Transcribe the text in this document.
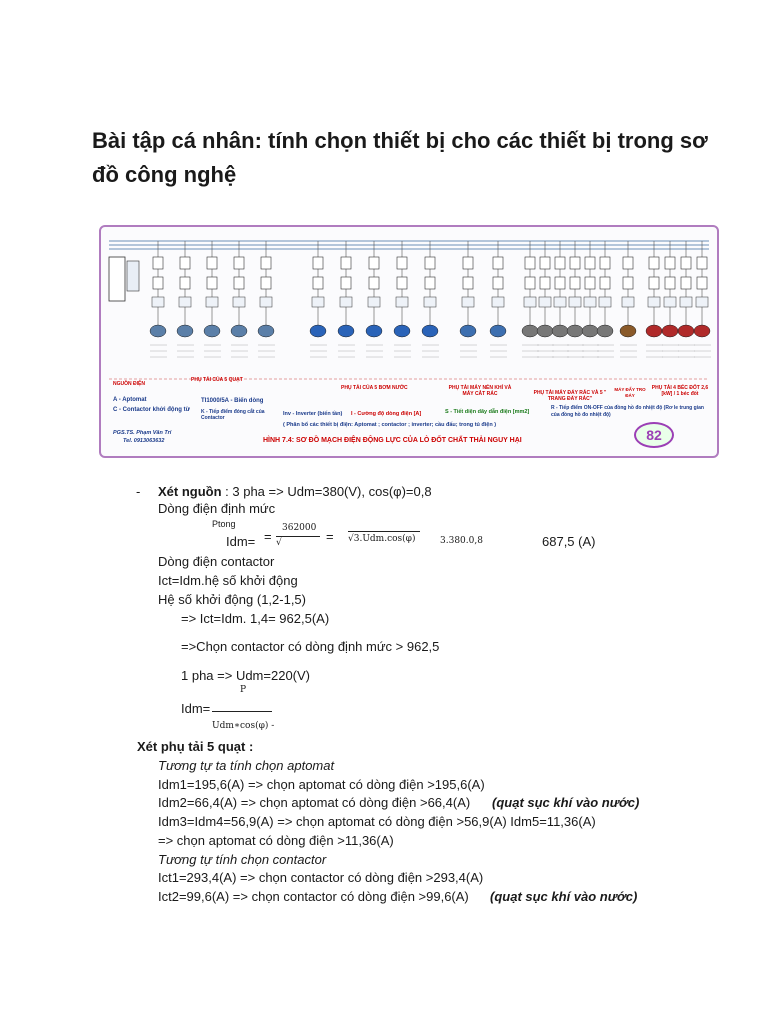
Bài tập cá nhân: tính chọn thiết bị cho các thiết bị trong sơ đồ công nghệ
NGUỒN ĐIỆN
PHỤ TẢI CỦA 5 QUẠT
PHỤ TẢI CỦA 5 BƠM NƯỚC	PHỤ TẢI MÁY NÉN KHÍ VÀ MÁY CẮT RÁC	PHỤ TẢI MÁY ĐẨY RÁC VÀ 5 " TRANG ĐẨY RÁC"
MÁY ĐẨY TRO ĐÁY
PHỤ TẢI 4 BÉC ĐỐT 2,6 [kW] / 1 béc đốt
A - Aptomat
C - Contactor khởi động từ K - Tiếp điểm đóng cắt của Contactor
TI1000/5A - Biến dòng
Inv - Inverter (biến tần) I - Cường độ dòng điện [A]	S - Tiết diện dây dẫn điện [mm2]
R - Tiếp điểm ON-OFF của đồng hồ đo nhiệt độ (Rơ le trung gian của đồng hồ đo nhiệt độ)
( Phân bổ các thiết bị điện: Aptomat ; contactor ; inverter; cầu đấu; trong tủ điện )
PGS.TS. Phạm Văn Trí
Tel. 0913063632	HÌNH 7.4: SƠ ĐỒ MẠCH ĐIỆN ĐỘNG LỰC CỦA LÒ ĐỐT CHẤT THẢI NGUY HẠI	82

- Xét nguồn : 3 pha => Udm=380(V), cos(φ)=0,8

Dòng điện định mức

Ptong

Idm= =

362000

√	= √3.Udm.cos(φ)	3.380.0,8	687,5 (A)

Dòng điện contactor

Ict=Idm.hệ số khởi động

Hệ số khởi động (1,2-1,5)

=> Ict=Idm. 1,4= 962,5(A)

=>Chọn contactor có dòng định mức > 962,5

1 pha => Udm=220(V)

P

Idm=

Udm∗cos(φ) -

Xét phụ tải 5 quạt :

Tương tự ta tính chọn aptomat

Idm1=195,6(A) => chọn aptomat có dòng điện >195,6(A)

Idm2=66,4(A) => chọn aptomat có dòng điện >66,4(A) (quạt sục khí vào nước)

Idm3=Idm4=56,9(A) => chọn aptomat có dòng điện >56,9(A) Idm5=11,36(A)

=> chọn aptomat có dòng điện >11,36(A)

Tương tự tính chọn contactor

Ict1=293,4(A) => chọn contactor có dòng điện >293,4(A)

Ict2=99,6(A) => chọn contactor có dòng điện >99,6(A) (quạt sục khí vào nước)
